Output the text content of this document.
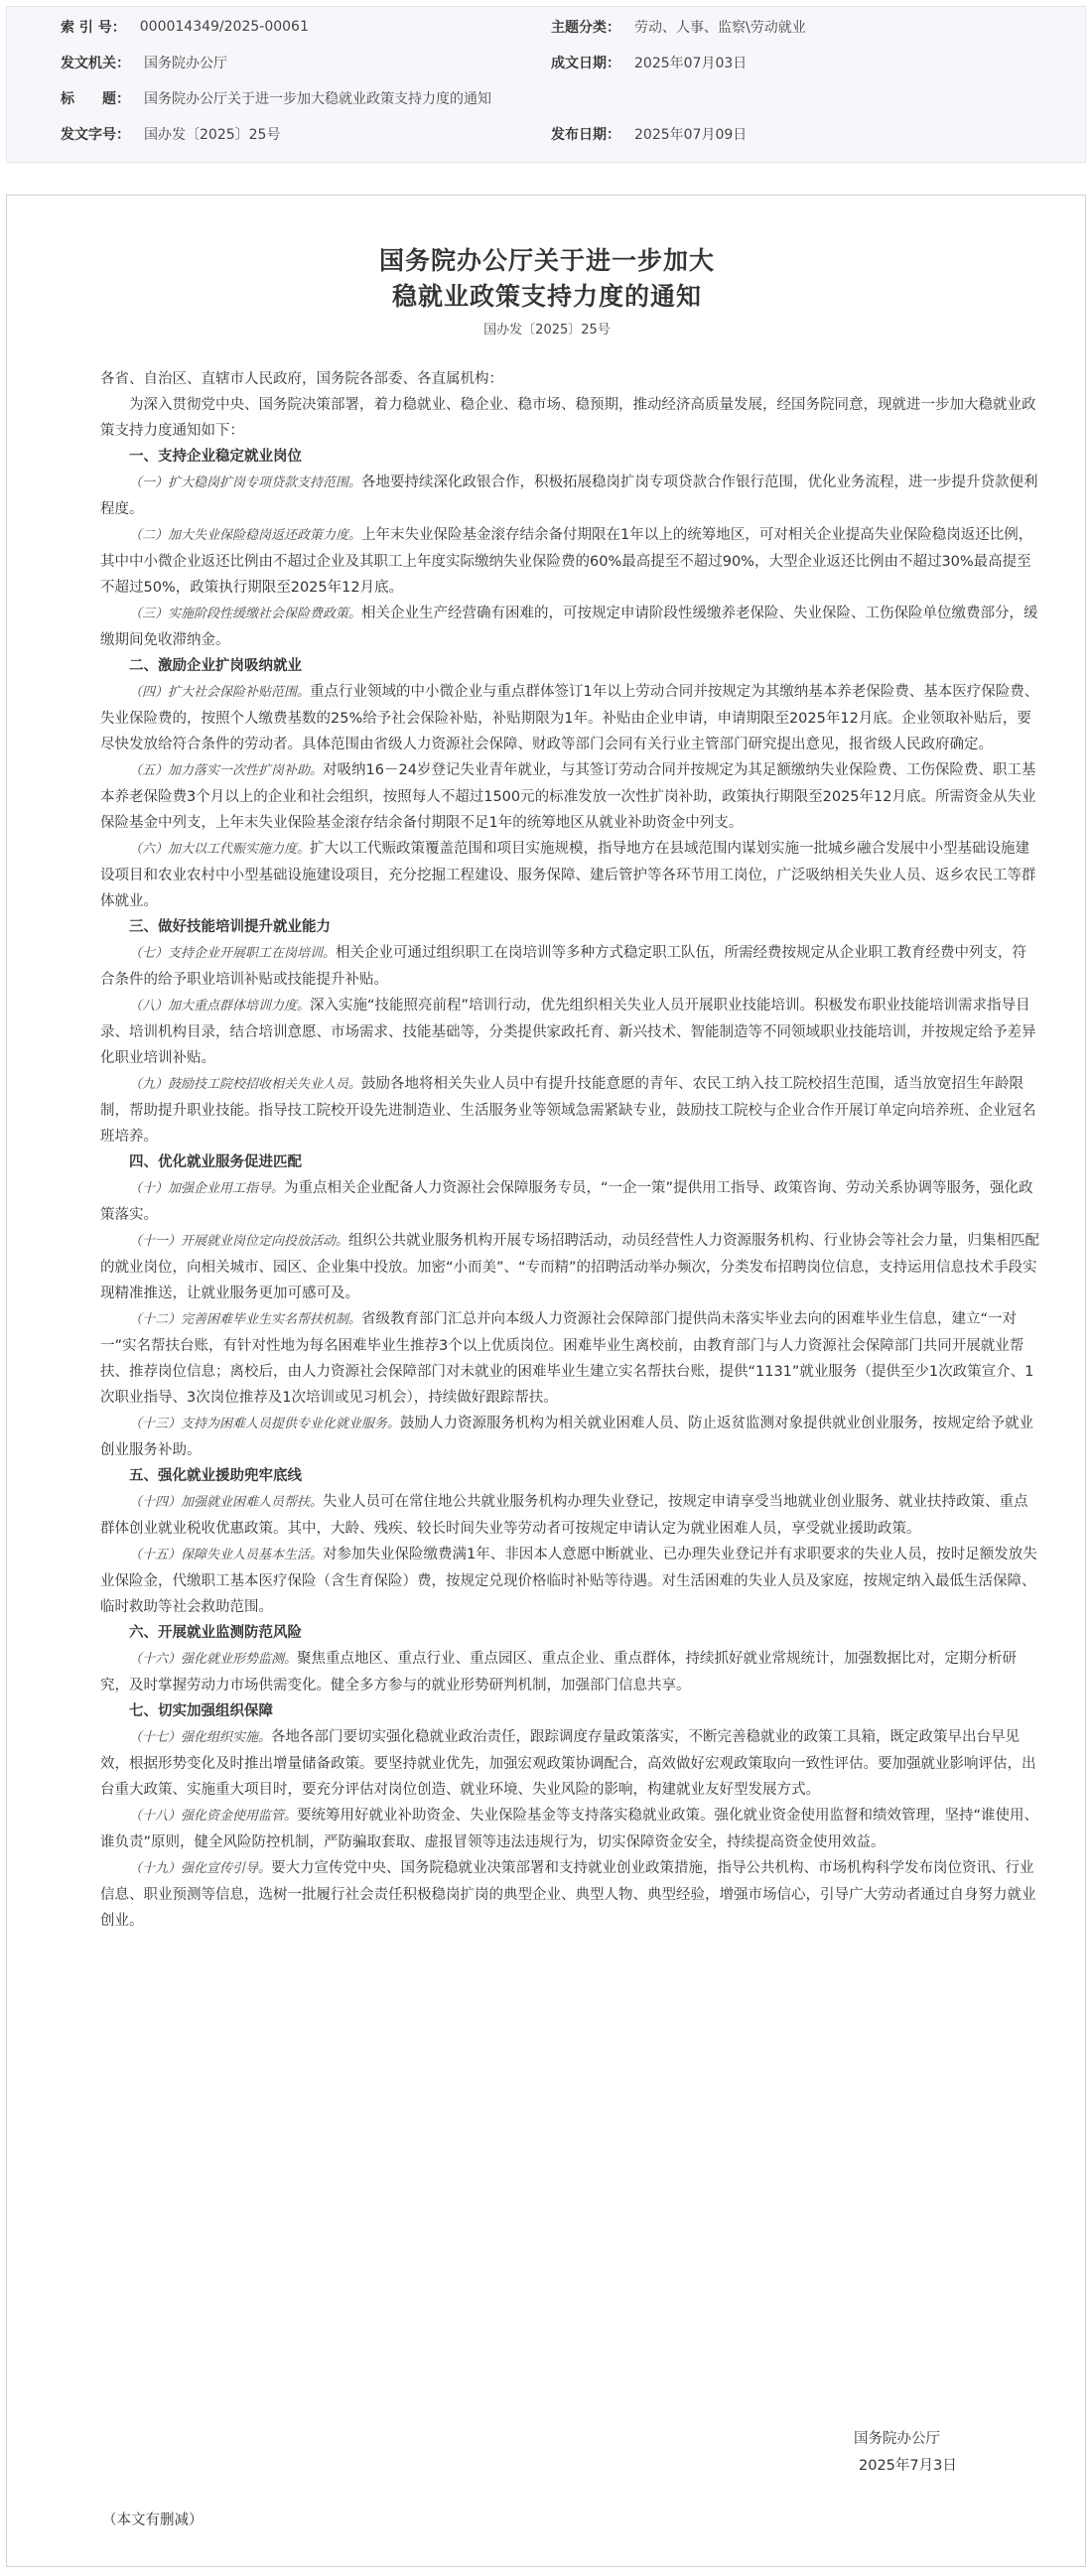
索 引 号： 000014349/2025-00061	主题分类： 劳动、人事、监察\劳动就业
发文机关： 国务院办公厅	成文日期： 2025年07月03日
标　　题： 国务院办公厅关于进一步加大稳就业政策支持力度的通知
发文字号： 国办发〔2025〕25号	发布日期： 2025年07月09日
国务院办公厅关于进一步加大
稳就业政策支持力度的通知
国办发〔2025〕25号

各省、自治区、直辖市人民政府，国务院各部委、各直属机构：

为深入贯彻党中央、国务院决策部署，着力稳就业、稳企业、稳市场、稳预期，推动经济高质量发展，经国务院同意，现就进一步加大稳就业政策支持力度通知如下：

一、支持企业稳定就业岗位

（一）扩大稳岗扩岗专项贷款支持范围。各地要持续深化政银合作，积极拓展稳岗扩岗专项贷款合作银行范围，优化业务流程，进一步提升贷款便利程度。

（二）加大失业保险稳岗返还政策力度。上年末失业保险基金滚存结余备付期限在1年以上的统筹地区，可对相关企业提高失业保险稳岗返还比例，其中中小微企业返还比例由不超过企业及其职工上年度实际缴纳失业保险费的60%最高提至不超过90%，大型企业返还比例由不超过30%最高提至不超过50%，政策执行期限至2025年12月底。

（三）实施阶段性缓缴社会保险费政策。相关企业生产经营确有困难的，可按规定申请阶段性缓缴养老保险、失业保险、工伤保险单位缴费部分，缓缴期间免收滞纳金。

二、激励企业扩岗吸纳就业

（四）扩大社会保险补贴范围。重点行业领域的中小微企业与重点群体签订1年以上劳动合同并按规定为其缴纳基本养老保险费、基本医疗保险费、失业保险费的，按照个人缴费基数的25%给予社会保险补贴，补贴期限为1年。补贴由企业申请，申请期限至2025年12月底。企业领取补贴后，要尽快发放给符合条件的劳动者。具体范围由省级人力资源社会保障、财政等部门会同有关行业主管部门研究提出意见，报省级人民政府确定。

（五）加力落实一次性扩岗补助。对吸纳16－24岁登记失业青年就业，与其签订劳动合同并按规定为其足额缴纳失业保险费、工伤保险费、职工基本养老保险费3个月以上的企业和社会组织，按照每人不超过1500元的标准发放一次性扩岗补助，政策执行期限至2025年12月底。所需资金从失业保险基金中列支，上年末失业保险基金滚存结余备付期限不足1年的统筹地区从就业补助资金中列支。

（六）加大以工代赈实施力度。扩大以工代赈政策覆盖范围和项目实施规模，指导地方在县域范围内谋划实施一批城乡融合发展中小型基础设施建设项目和农业农村中小型基础设施建设项目，充分挖掘工程建设、服务保障、建后管护等各环节用工岗位，广泛吸纳相关失业人员、返乡农民工等群体就业。

三、做好技能培训提升就业能力

（七）支持企业开展职工在岗培训。相关企业可通过组织职工在岗培训等多种方式稳定职工队伍，所需经费按规定从企业职工教育经费中列支，符合条件的给予职业培训补贴或技能提升补贴。

（八）加大重点群体培训力度。深入实施“技能照亮前程”培训行动，优先组织相关失业人员开展职业技能培训。积极发布职业技能培训需求指导目录、培训机构目录，结合培训意愿、市场需求、技能基础等，分类提供家政托育、新兴技术、智能制造等不同领域职业技能培训，并按规定给予差异化职业培训补贴。

（九）鼓励技工院校招收相关失业人员。鼓励各地将相关失业人员中有提升技能意愿的青年、农民工纳入技工院校招生范围，适当放宽招生年龄限制，帮助提升职业技能。指导技工院校开设先进制造业、生活服务业等领域急需紧缺专业，鼓励技工院校与企业合作开展订单定向培养班、企业冠名班培养。

四、优化就业服务促进匹配

（十）加强企业用工指导。为重点相关企业配备人力资源社会保障服务专员，“一企一策”提供用工指导、政策咨询、劳动关系协调等服务，强化政策落实。

（十一）开展就业岗位定向投放活动。组织公共就业服务机构开展专场招聘活动，动员经营性人力资源服务机构、行业协会等社会力量，归集相匹配的就业岗位，向相关城市、园区、企业集中投放。加密“小而美”、“专而精”的招聘活动举办频次，分类发布招聘岗位信息，支持运用信息技术手段实现精准推送，让就业服务更加可感可及。

（十二）完善困难毕业生实名帮扶机制。省级教育部门汇总并向本级人力资源社会保障部门提供尚未落实毕业去向的困难毕业生信息，建立“一对一”实名帮扶台账，有针对性地为每名困难毕业生推荐3个以上优质岗位。困难毕业生离校前，由教育部门与人力资源社会保障部门共同开展就业帮扶、推荐岗位信息；离校后，由人力资源社会保障部门对未就业的困难毕业生建立实名帮扶台账，提供“1131”就业服务（提供至少1次政策宣介、1次职业指导、3次岗位推荐及1次培训或见习机会），持续做好跟踪帮扶。

（十三）支持为困难人员提供专业化就业服务。鼓励人力资源服务机构为相关就业困难人员、防止返贫监测对象提供就业创业服务，按规定给予就业创业服务补助。

五、强化就业援助兜牢底线

（十四）加强就业困难人员帮扶。失业人员可在常住地公共就业服务机构办理失业登记，按规定申请享受当地就业创业服务、就业扶持政策、重点群体创业就业税收优惠政策。其中，大龄、残疾、较长时间失业等劳动者可按规定申请认定为就业困难人员，享受就业援助政策。

（十五）保障失业人员基本生活。对参加失业保险缴费满1年、非因本人意愿中断就业、已办理失业登记并有求职要求的失业人员，按时足额发放失业保险金，代缴职工基本医疗保险（含生育保险）费，按规定兑现价格临时补贴等待遇。对生活困难的失业人员及家庭，按规定纳入最低生活保障、临时救助等社会救助范围。

六、开展就业监测防范风险

（十六）强化就业形势监测。聚焦重点地区、重点行业、重点园区、重点企业、重点群体，持续抓好就业常规统计，加强数据比对，定期分析研究，及时掌握劳动力市场供需变化。健全多方参与的就业形势研判机制，加强部门信息共享。

七、切实加强组织保障

（十七）强化组织实施。各地各部门要切实强化稳就业政治责任，跟踪调度存量政策落实，不断完善稳就业的政策工具箱，既定政策早出台早见效，根据形势变化及时推出增量储备政策。要坚持就业优先，加强宏观政策协调配合，高效做好宏观政策取向一致性评估。要加强就业影响评估，出台重大政策、实施重大项目时，要充分评估对岗位创造、就业环境、失业风险的影响，构建就业友好型发展方式。

（十八）强化资金使用监管。要统筹用好就业补助资金、失业保险基金等支持落实稳就业政策。强化就业资金使用监督和绩效管理，坚持“谁使用、谁负责”原则，健全风险防控机制，严防骗取套取、虚报冒领等违法违规行为，切实保障资金安全，持续提高资金使用效益。

（十九）强化宣传引导。要大力宣传党中央、国务院稳就业决策部署和支持就业创业政策措施，指导公共机构、市场机构科学发布岗位资讯、行业信息、职业预测等信息，选树一批履行社会责任积极稳岗扩岗的典型企业、典型人物、典型经验，增强市场信心，引导广大劳动者通过自身努力就业创业。

国务院办公厅
2025年7月3日
（本文有删减）
